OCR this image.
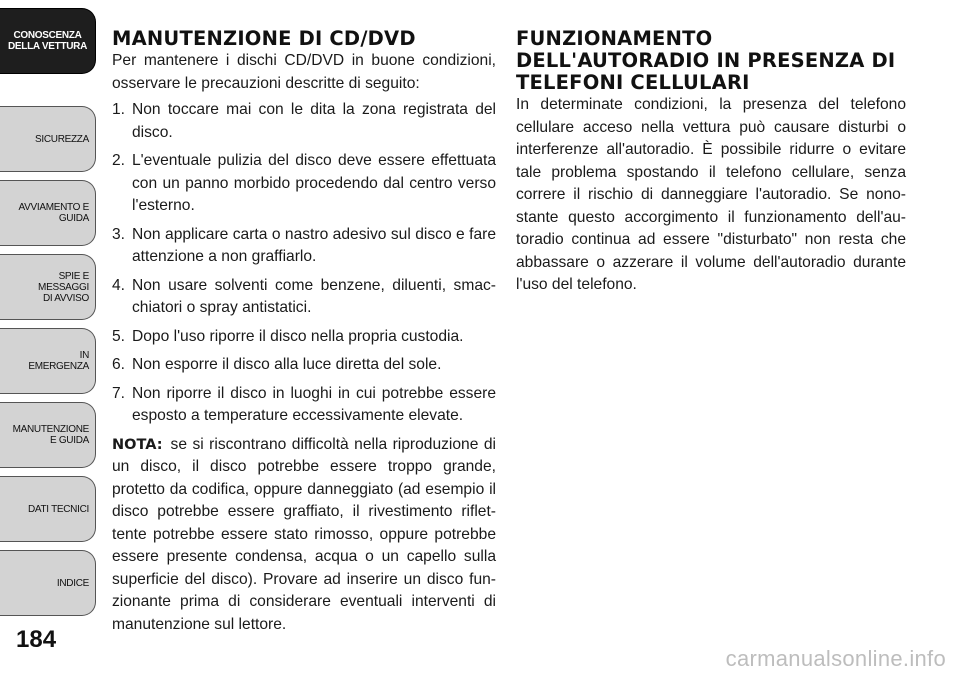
CONOSCENZA
DELLA VETTURA
SICUREZZA
AVVIAMENTO E
GUIDA
SPIE E
MESSAGGI
DI AVVISO
IN
EMERGENZA
MANUTENZIONE
E GUIDA
DATI TECNICI
INDICE
184
MANUTENZIONE DI CD/DVD

Per mantenere i dischi CD/DVD in buone condizioni, osservare le precauzioni descritte di seguito:

1. Non toccare mai con le dita la zona registrata del disco.
2. L'eventuale pulizia del disco deve essere effettuata con un panno morbido procedendo dal centro verso l'esterno.
3. Non applicare carta o nastro adesivo sul disco e fare attenzione a non graffiarlo.
4. Non usare solventi come benzene, diluenti, smac-chiatori o spray antistatici.
5. Dopo l'uso riporre il disco nella propria custodia.
6. Non esporre il disco alla luce diretta del sole.
7. Non riporre il disco in luoghi in cui potrebbe essere esposto a temperature eccessivamente elevate.

NOTA: se si riscontrano difficoltà nella riproduzione di un disco, il disco potrebbe essere troppo grande, protetto da codifica, oppure danneggiato (ad esempio il disco potrebbe essere graffiato, il rivestimento riflet-tente potrebbe essere stato rimosso, oppure potrebbe essere presente condensa, acqua o un capello sulla superficie del disco). Provare ad inserire un disco fun-zionante prima di considerare eventuali interventi di manutenzione sul lettore.

FUNZIONAMENTO DELL'AUTORADIO IN PRESENZA DI TELEFONI CELLULARI

In determinate condizioni, la presenza del telefono cellulare acceso nella vettura può causare disturbi o interferenze all'autoradio. È possibile ridurre o evitare tale problema spostando il telefono cellulare, senza correre il rischio di danneggiare l'autoradio. Se nono-stante questo accorgimento il funzionamento dell'au-toradio continua ad essere "disturbato" non resta che abbassare o azzerare il volume dell'autoradio durante l'uso del telefono.

carmanualsonline.info
